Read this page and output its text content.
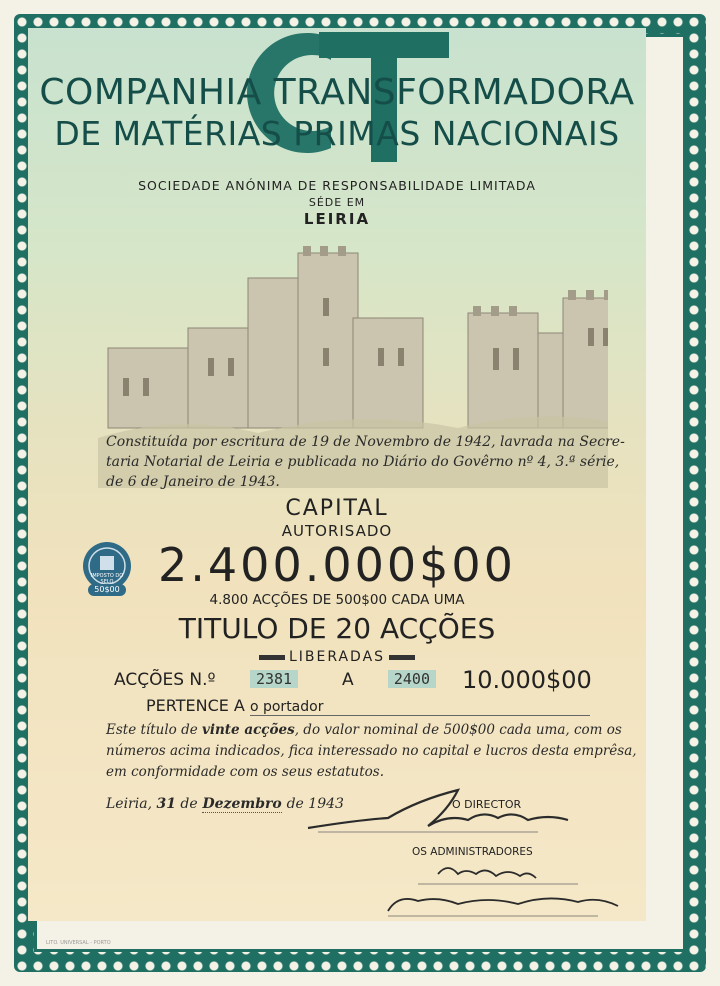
COMPANHIA TRANSFORMADORA
DE MATÉRIAS PRIMAS NACIONAIS
SOCIEDADE ANÓNIMA DE RESPONSABILIDADE LIMITADA
SÉDE EM
LEIRIA
Constituída por escritura de 19 de Novembro de 1942, lavrada na Secre-
taria Notarial de Leiria e publicada no Diário do Govêrno nº 4, 3.ª série,
de 6 de Janeiro de 1943.
CAPITAL
AUTORISADO
IMPOSTO DO SELO
50$00 2.400.000$00
4.800 ACÇÕES DE 500$00 CADA UMA
TITULO DE 20 ACÇÕES
LIBERADAS
ACÇÕES N.º	2381	A	2400 10.000$00
PERTENCE A o portador
Este título de vinte acções, do valor nominal de 500$00 cada uma, com os
números acima indicados, fica interessado no capital e lucros desta emprêsa,
em conformidade com os seus estatutos.
Leiria, 31 de Dezembro de 1943	O DIRECTOR
OS ADMINISTRADORES
LITO. UNIVERSAL - PORTO
